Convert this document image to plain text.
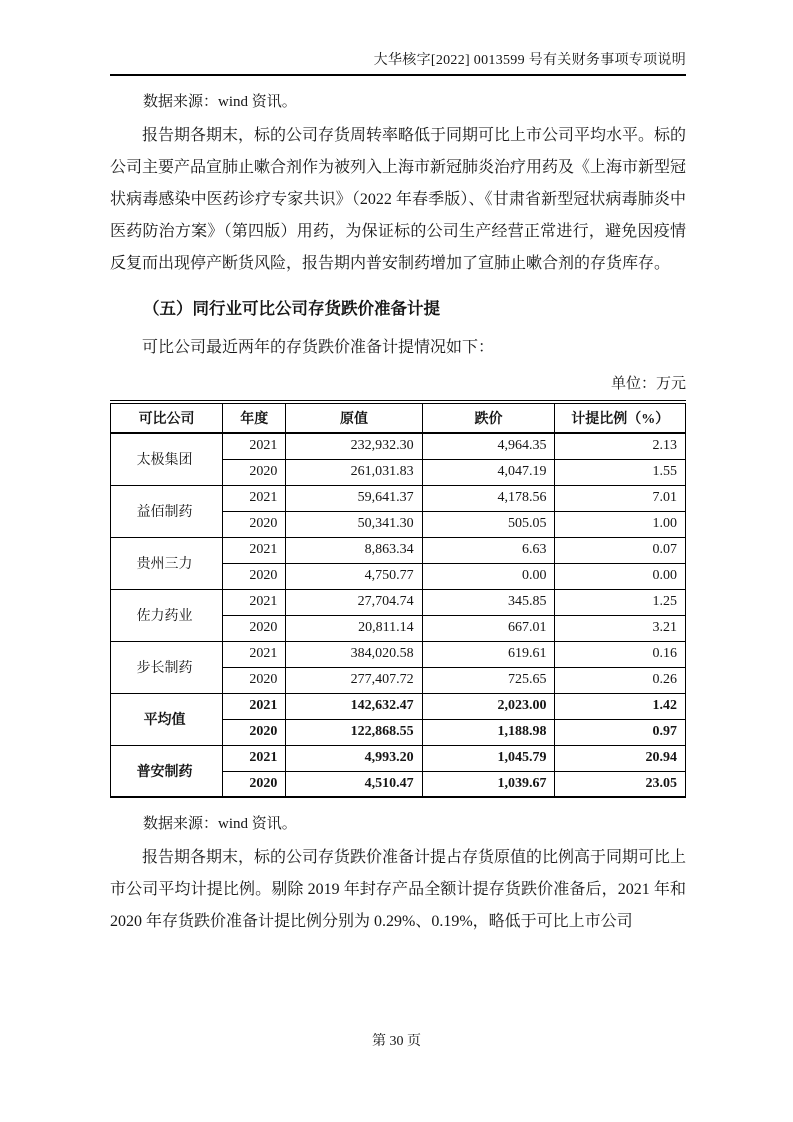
大华核字[2022] 0013599 号有关财务事项专项说明

数据来源：wind 资讯。

报告期各期末，标的公司存货周转率略低于同期可比上市公司平均水平。标的公司主要产品宣肺止嗽合剂作为被列入上海市新冠肺炎治疗用药及《上海市新型冠状病毒感染中医药诊疗专家共识》（2022 年春季版）、《甘肃省新型冠状病毒肺炎中医药防治方案》（第四版）用药，为保证标的公司生产经营正常进行，避免因疫情反复而出现停产断货风险，报告期内普安制药增加了宣肺止嗽合剂的存货库存。

（五）同行业可比公司存货跌价准备计提

可比公司最近两年的存货跌价准备计提情况如下：

单位：万元
可比公司	年度	原值	跌价	计提比例（%）
太极集团	2021	232,932.30	4,964.35	2.13
	2020	261,031.83	4,047.19	1.55
益佰制药	2021	59,641.37	4,178.56	7.01
	2020	50,341.30	505.05	1.00
贵州三力	2021	8,863.34	6.63	0.07
	2020	4,750.77	0.00	0.00
佐力药业	2021	27,704.74	345.85	1.25
	2020	20,811.14	667.01	3.21
步长制药	2021	384,020.58	619.61	0.16
	2020	277,407.72	725.65	0.26
平均值	2021	142,632.47	2,023.00	1.42
	2020	122,868.55	1,188.98	0.97
普安制药	2021	4,993.20	1,045.79	20.94
	2020	4,510.47	1,039.67	23.05

数据来源：wind 资讯。

报告期各期末，标的公司存货跌价准备计提占存货原值的比例高于同期可比上市公司平均计提比例。剔除 2019 年封存产品全额计提存货跌价准备后，2021 年和 2020 年存货跌价准备计提比例分别为 0.29%、0.19%，略低于可比上市公司

第 30 页
